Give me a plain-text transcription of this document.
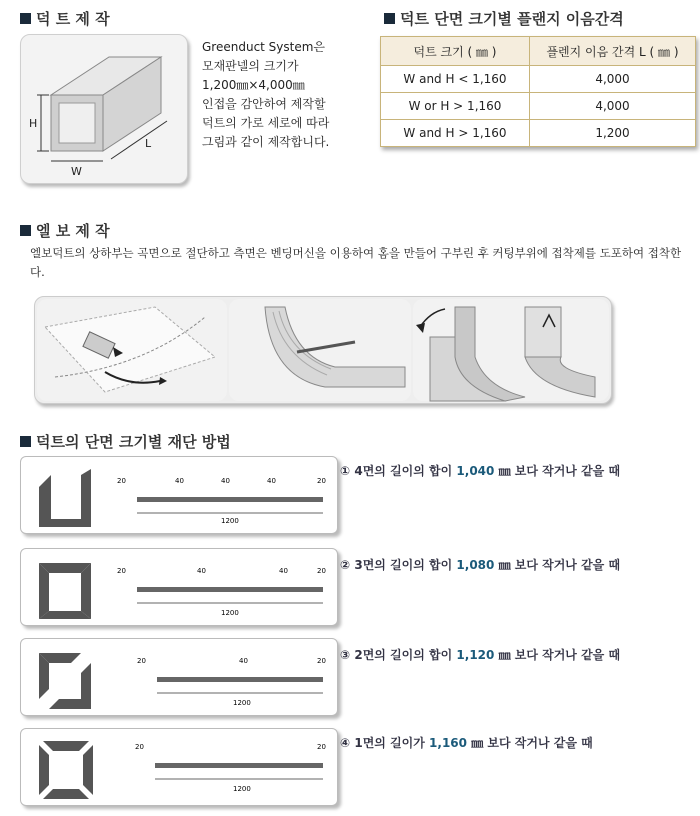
덕 트 제 작
H
W
L
Greenduct System은
모재판넬의 크기가
1,200㎜×4,000㎜
인접을 감안하여 제작할
덕트의 가로 세로에 따라
그림과 같이 제작합니다.
덕트 단면 크기별 플랜지 이음간격
덕트 크기 ( ㎜ )	플렌지 이음 간격 L ( ㎜ )
W and H < 1,160	4,000
W or H > 1,160	4,000
W and H > 1,160	1,200
엘 보 제 작
엘보덕트의 상하부는 곡면으로 절단하고 측면은 벤딩머신을 이용하여 홈을 만들어 구부린 후 커팅부위에 접착제를 도포하여 접착한다.
덕트의 단면 크기별 재단 방법
20	40	40	40	20
1200
① 4면의 길이의 합이 1,040 ㎜ 보다 작거나 같을 때
20	40	40	20
1200
② 3면의 길이의 합이 1,080 ㎜ 보다 작거나 같을 때
20	40	20
1200
③ 2면의 길이의 합이 1,120 ㎜ 보다 작거나 같을 때
20	20
1200
④ 1면의 길이가 1,160 ㎜ 보다 작거나 같을 때
